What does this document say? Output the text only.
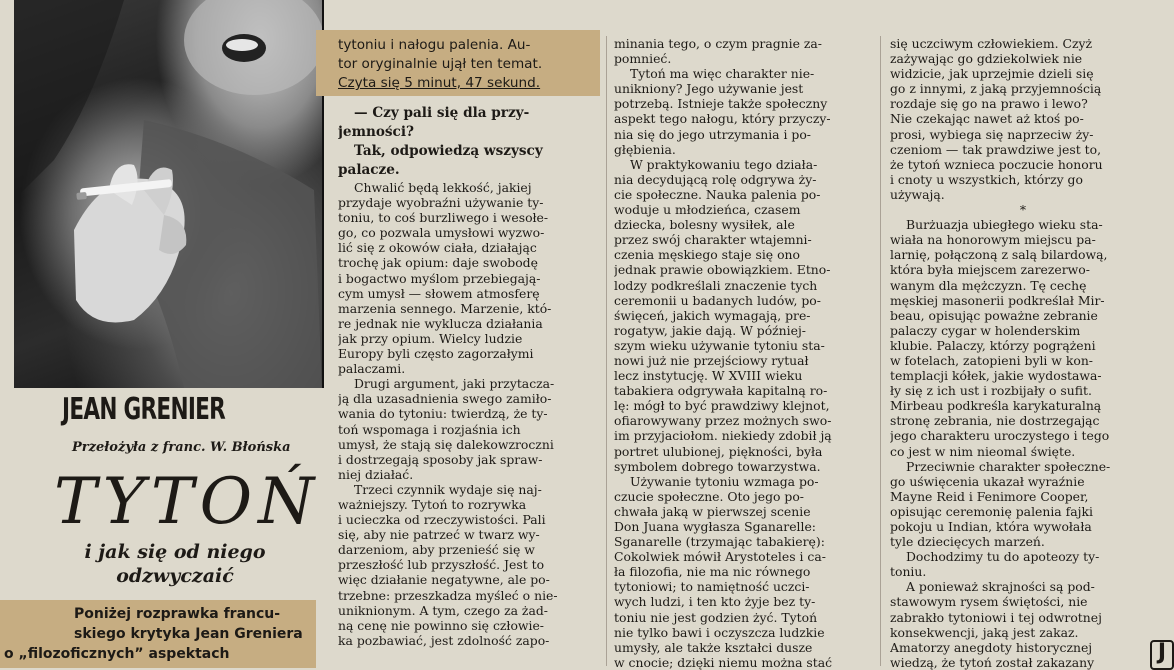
JEAN GRENIER
Przełożyła z franc. W. Błońska
TYTOŃ
i jak się od niego
odzwyczaić
Poniżej rozprawka francu-
skiego krytyka Jean Greniera
o „filozoficznych” aspektach
tytoniu i nałogu palenia. Au-
tor oryginalnie ujął ten temat.
Czyta się 5 minut, 47 sekund.
— Czy pali się dla przy-
jemności?
Tak, odpowiedzą wszyscy
palacze.
Chwalić będą lekkość, jakiej
przydaje wyobraźni używanie ty-
toniu, to coś burzliwego i wesołe-
go, co pozwala umysłowi wyzwo-
lić się z okowów ciała, działając
trochę jak opium: daje swobodę
i bogactwo myślom przebiegają-
cym umysł — słowem atmosferę
marzenia sennego. Marzenie, któ-
re jednak nie wyklucza działania
jak przy opium. Wielcy ludzie
Europy byli często zagorzałymi
palaczami.
Drugi argument, jaki przytacza-
ją dla uzasadnienia swego zamiło-
wania do tytoniu: twierdzą, że ty-
toń wspomaga i rozjaśnia ich
umysł, że stają się dalekowzroczni
i dostrzegają sposoby jak spraw-
niej działać.
Trzeci czynnik wydaje się naj-
ważniejszy. Tytoń to rozrywka
i ucieczka od rzeczywistości. Pali
się, aby nie patrzeć w twarz wy-
darzeniom, aby przenieść się w
przeszłość lub przyszłość. Jest to
więc działanie negatywne, ale po-
trzebne: przeszkadza myśleć o nie-
uniknionym. A tym, czego za żad-
ną cenę nie powinno się człowie-
ka pozbawiać, jest zdolność zapo-
minania tego, o czym pragnie za-
pomnieć.
Tytoń ma więc charakter nie-
unikniony? Jego używanie jest
potrzebą. Istnieje także społeczny
aspekt tego nałogu, który przyczy-
nia się do jego utrzymania i po-
głębienia.
W praktykowaniu tego działa-
nia decydującą rolę odgrywa ży-
cie społeczne. Nauka palenia po-
woduje u młodzieńca, czasem
dziecka, bolesny wysiłek, ale
przez swój charakter wtajemni-
czenia męskiego staje się ono
jednak prawie obowiązkiem. Etno-
lodzy podkreślali znaczenie tych
ceremonii u badanych ludów, po-
święceń, jakich wymagają, pre-
rogatyw, jakie dają. W później-
szym wieku używanie tytoniu sta-
nowi już nie przejściowy rytuał
lecz instytucję. W XVIII wieku
tabakiera odgrywała kapitalną ro-
lę: mógł to być prawdziwy klejnot,
ofiarowywany przez możnych swo-
im przyjaciołom. niekiedy zdobił ją
portret ulubionej, piękności, była
symbolem dobrego towarzystwa.
Używanie tytoniu wzmaga po-
czucie społeczne. Oto jego po-
chwała jaką w pierwszej scenie
Don Juana wygłasza Sganarelle:
Sganarelle (trzymając tabakierę):
Cokolwiek mówił Arystoteles i ca-
ła filozofia, nie ma nic równego
tytoniowi; to namiętność uczci-
wych ludzi, i ten kto żyje bez ty-
toniu nie jest godzien żyć. Tytoń
nie tylko bawi i oczyszcza ludzkie
umysły, ale także kształci dusze
w cnocie; dzięki niemu można stać
się uczciwym człowiekiem. Czyż
zażywając go gdziekolwiek nie
widzicie, jak uprzejmie dzieli się
go z innymi, z jaką przyjemnością
rozdaje się go na prawo i lewo?
Nie czekając nawet aż ktoś po-
prosi, wybiega się naprzeciw ży-
czeniom — tak prawdziwe jest to,
że tytoń wznieca poczucie honoru
i cnoty u wszystkich, którzy go
używają.
*
Burżuazja ubiegłego wieku sta-
wiała na honorowym miejscu pa-
larnię, połączoną z salą bilardową,
która była miejscem zarezerwo-
wanym dla mężczyzn. Tę cechę
męskiej masonerii podkreślał Mir-
beau, opisując poważne zebranie
palaczy cygar w holenderskim
klubie. Palaczy, którzy pogrążeni
w fotelach, zatopieni byli w kon-
templacji kółek, jakie wydostawa-
ły się z ich ust i rozbijały o sufit.
Mirbeau podkreśla karykaturalną
stronę zebrania, nie dostrzegając
jego charakteru uroczystego i tego
co jest w nim nieomal święte.
Przeciwnie charakter społeczne-
go uświęcenia ukazał wyraźnie
Mayne Reid i Fenimore Cooper,
opisując ceremonię palenia fajki
pokoju u Indian, która wywołała
tyle dziecięcych marzeń.
Dochodzimy tu do apoteozy ty-
toniu.
A ponieważ skrajności są pod-
stawowym rysem świętości, nie
zabrakło tytoniowi i tej odwrotnej
konsekwencji, jaką jest zakaz.
Amatorzy anegdoty historycznej
wiedzą, że tytoń został zakazany	J
